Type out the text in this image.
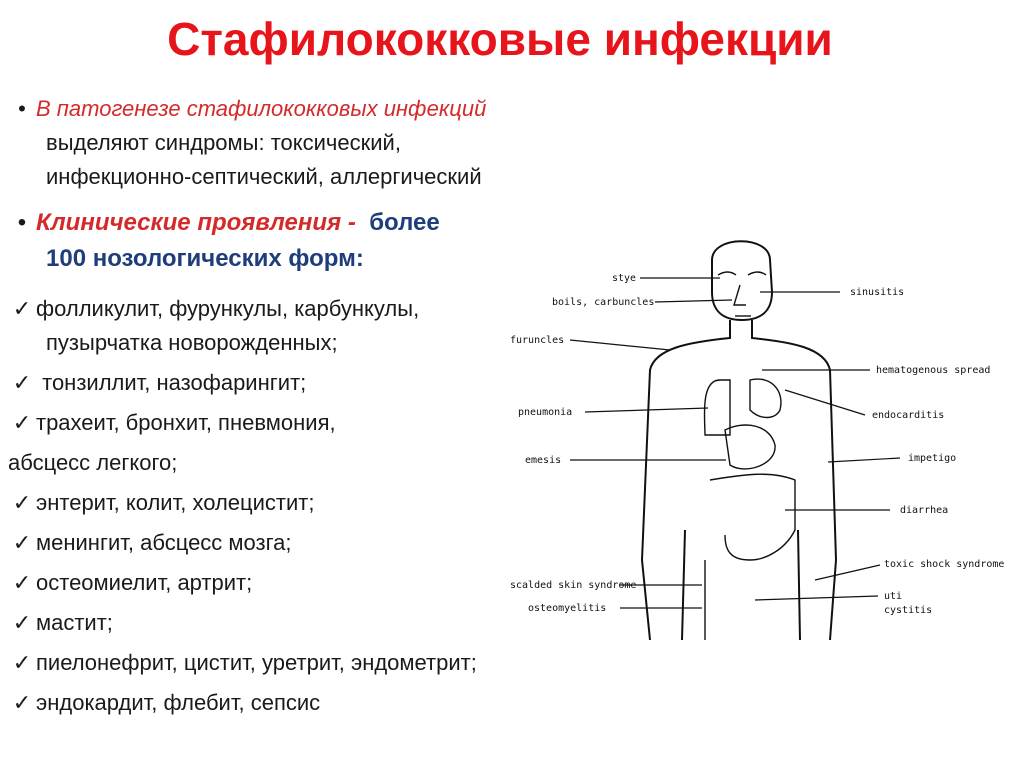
Стафилококковые инфекции
• В патогенезе стафилококковых инфекций
выделяют синдромы: токсический,
инфекционно-септический, аллергический
• Клинические проявления - более
100 нозологических форм:
✓ фолликулит, фурункулы, карбункулы,
пузырчатка новорожденных;
✓ тонзиллит, назофарингит;
✓ трахеит, бронхит, пневмония,
абсцесс легкого;
✓ энтерит, колит, холецистит;
✓ менингит, абсцесс мозга;
✓ остеомиелит, артрит;
✓ мастит;
✓ пиелонефрит, цистит, уретрит, эндометрит;
✓ эндокардит, флебит, сепсис
stye
boils, carbuncles
furuncles
pneumonia
emesis
scalded skin syndrome
osteomyelitis
sinusitis
hematogenous spread
endocarditis
impetigo
diarrhea
toxic shock syndrome
uti
cystitis
